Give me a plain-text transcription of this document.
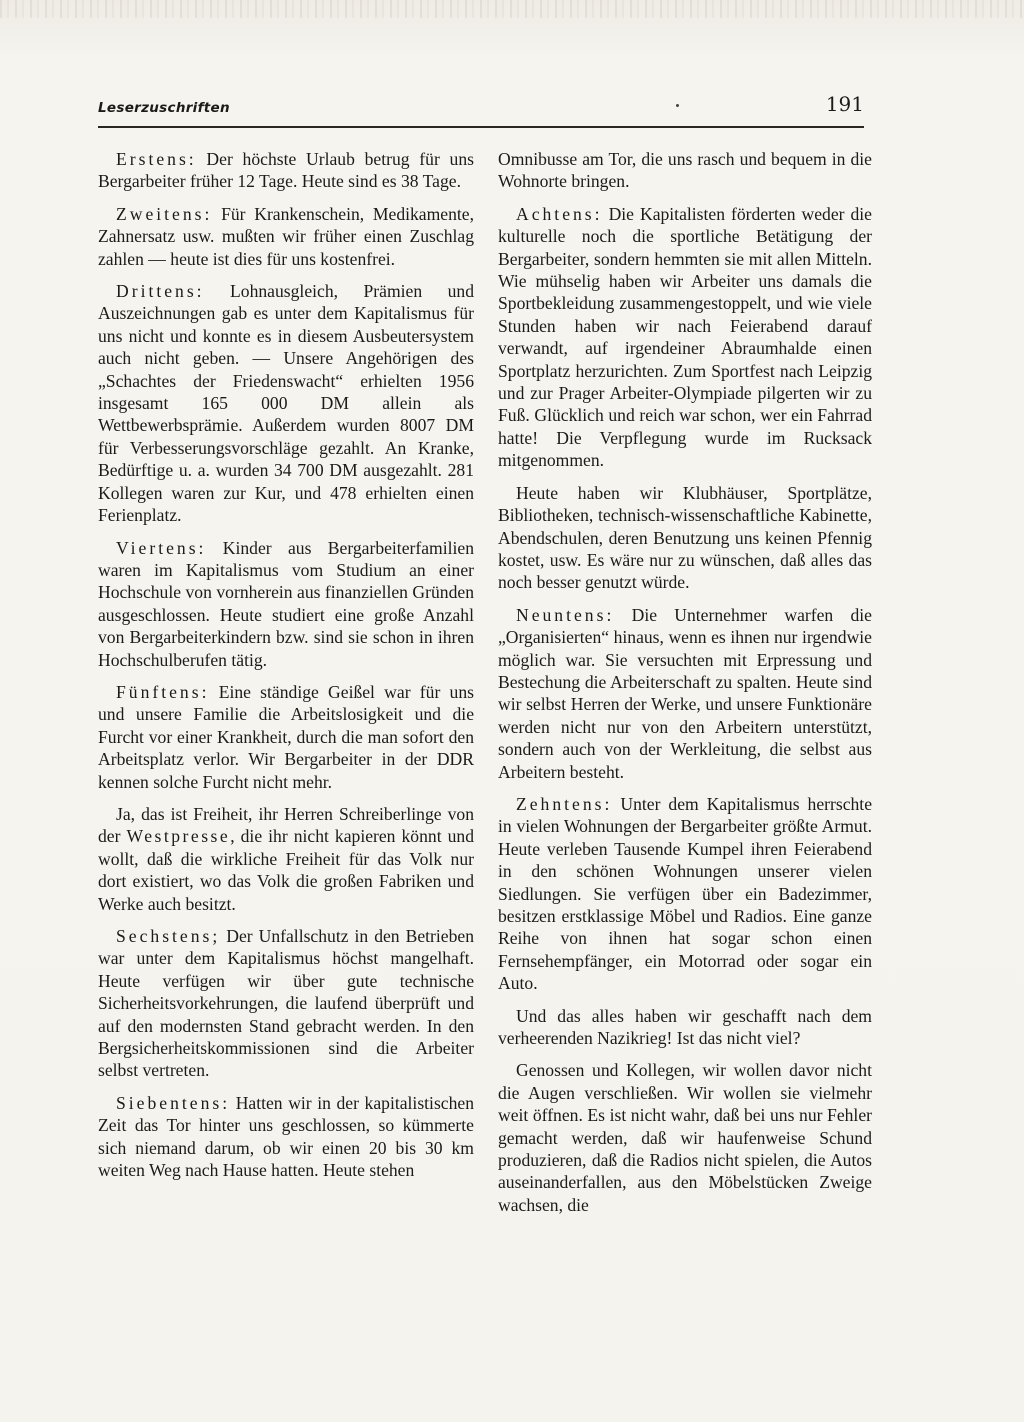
Leserzuschriften	191

Erstens: Der höchste Urlaub betrug für uns Bergarbeiter früher 12 Tage. Heute sind es 38 Tage.

Zweitens: Für Krankenschein, Medikamente, Zahnersatz usw. mußten wir früher einen Zuschlag zahlen — heute ist dies für uns kostenfrei.

Drittens: Lohnausgleich, Prämien und Auszeichnungen gab es unter dem Kapitalismus für uns nicht und konnte es in diesem Ausbeutersystem auch nicht geben. — Unsere Angehörigen des „Schachtes der Friedenswacht“ erhielten 1956 insgesamt 165 000 DM allein als Wettbewerbsprämie. Außerdem wurden 8007 DM für Verbesserungsvorschläge gezahlt. An Kranke, Bedürftige u. a. wurden 34 700 DM ausgezahlt. 281 Kollegen waren zur Kur, und 478 erhielten einen Ferienplatz.

Viertens: Kinder aus Bergarbeiterfamilien waren im Kapitalismus vom Studium an einer Hochschule von vornherein aus finanziellen Gründen ausgeschlossen. Heute studiert eine große Anzahl von Bergarbeiterkindern bzw. sind sie schon in ihren Hochschulberufen tätig.

Fünftens: Eine ständige Geißel war für uns und unsere Familie die Arbeitslosigkeit und die Furcht vor einer Krankheit, durch die man sofort den Arbeitsplatz verlor. Wir Bergarbeiter in der DDR kennen solche Furcht nicht mehr.

Ja, das ist Freiheit, ihr Herren Schreiberlinge von der Westpresse, die ihr nicht kapieren könnt und wollt, daß die wirkliche Freiheit für das Volk nur dort existiert, wo das Volk die großen Fabriken und Werke auch besitzt.

Sechstens; Der Unfallschutz in den Betrieben war unter dem Kapitalismus höchst mangelhaft. Heute verfügen wir über gute technische Sicherheitsvorkehrungen, die laufend überprüft und auf den modernsten Stand gebracht werden. In den Bergsicherheitskommissionen sind die Arbeiter selbst vertreten.

Siebentens: Hatten wir in der kapitalistischen Zeit das Tor hinter uns geschlossen, so kümmerte sich niemand darum, ob wir einen 20 bis 30 km weiten Weg nach Hause hatten. Heute stehen

Omnibusse am Tor, die uns rasch und bequem in die Wohnorte bringen.

Achtens: Die Kapitalisten förderten weder die kulturelle noch die sportliche Betätigung der Bergarbeiter, sondern hemmten sie mit allen Mitteln. Wie mühselig haben wir Arbeiter uns damals die Sportbekleidung zusammengestoppelt, und wie viele Stunden haben wir nach Feierabend darauf verwandt, auf irgendeiner Abraumhalde einen Sportplatz herzurichten. Zum Sportfest nach Leipzig und zur Prager Arbeiter-Olympiade pilgerten wir zu Fuß. Glücklich und reich war schon, wer ein Fahrrad hatte! Die Verpflegung wurde im Rucksack mitgenommen.

Heute haben wir Klubhäuser, Sportplätze, Bibliotheken, technisch-wissenschaftliche Kabinette, Abendschulen, deren Benutzung uns keinen Pfennig kostet, usw. Es wäre nur zu wünschen, daß alles das noch besser genutzt würde.

Neuntens: Die Unternehmer warfen die „Organisierten“ hinaus, wenn es ihnen nur irgendwie möglich war. Sie versuchten mit Erpressung und Bestechung die Arbeiterschaft zu spalten. Heute sind wir selbst Herren der Werke, und unsere Funktionäre werden nicht nur von den Arbeitern unterstützt, sondern auch von der Werkleitung, die selbst aus Arbeitern besteht.

Zehntens: Unter dem Kapitalismus herrschte in vielen Wohnungen der Bergarbeiter größte Armut. Heute verleben Tausende Kumpel ihren Feierabend in den schönen Wohnungen unserer vielen Siedlungen. Sie verfügen über ein Badezimmer, besitzen erstklassige Möbel und Radios. Eine ganze Reihe von ihnen hat sogar schon einen Fernsehempfänger, ein Motorrad oder sogar ein Auto.

Und das alles haben wir geschafft nach dem verheerenden Nazikrieg! Ist das nicht viel?

Genossen und Kollegen, wir wollen davor nicht die Augen verschließen. Wir wollen sie vielmehr weit öffnen. Es ist nicht wahr, daß bei uns nur Fehler gemacht werden, daß wir haufenweise Schund produzieren, daß die Radios nicht spielen, die Autos auseinanderfallen, aus den Möbelstücken Zweige wachsen, die
